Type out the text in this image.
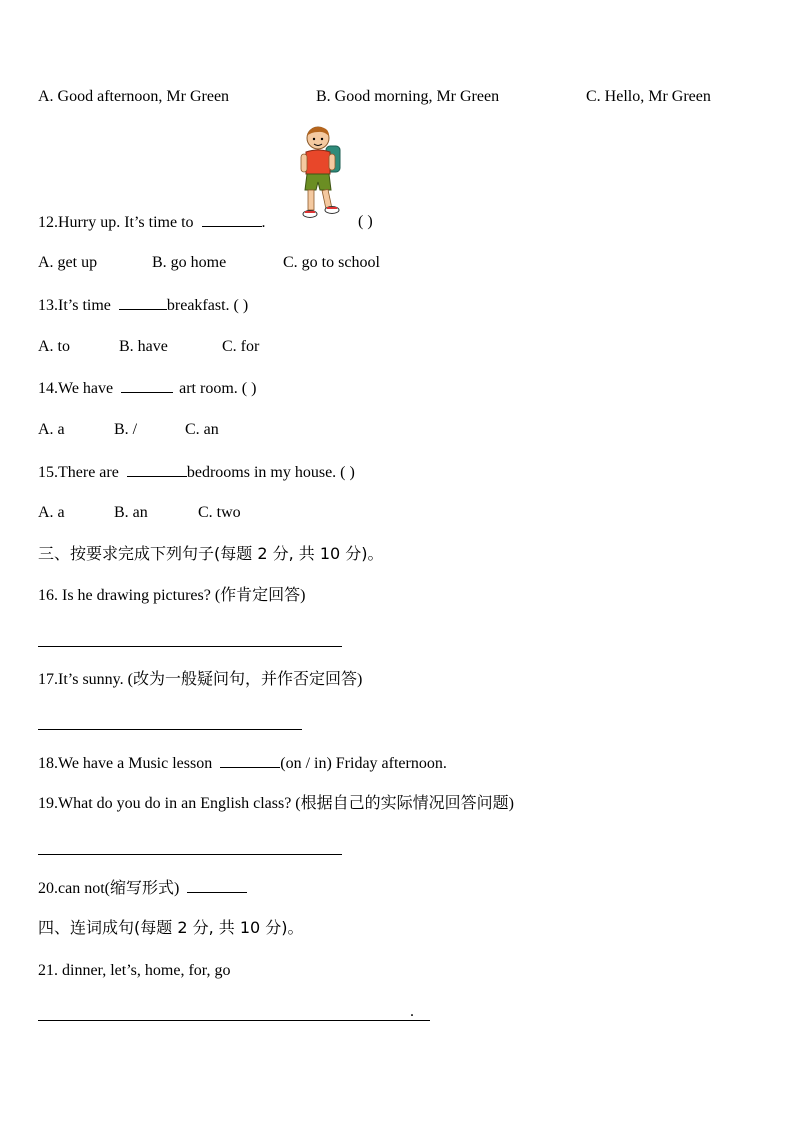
A. Good afternoon, Mr Green	B. Good morning, Mr Green	C. Hello, Mr Green
12.Hurry up. It’s time to	.	( )
A. get up	B. go home	C. go to school
13.It’s time	breakfast. ( )
A. to	B. have	C. for
14.We have	art room. ( )
A. a	B. /	C. an
15.There are	bedrooms in my house. ( )
A. a	B. an	C. two
三、按要求完成下列句子(每题 2 分, 共 10 分)。
16. Is he drawing pictures? (作肯定回答)
17.It’s sunny. (改为一般疑问句，并作否定回答)
18.We have a Music lesson	(on / in) Friday afternoon.
19.What do you do in an English class? (根据自己的实际情况回答问题)
20.can not(缩写形式)
四、连词成句(每题 2 分, 共 10 分)。
21. dinner, let’s, home, for, go
.
